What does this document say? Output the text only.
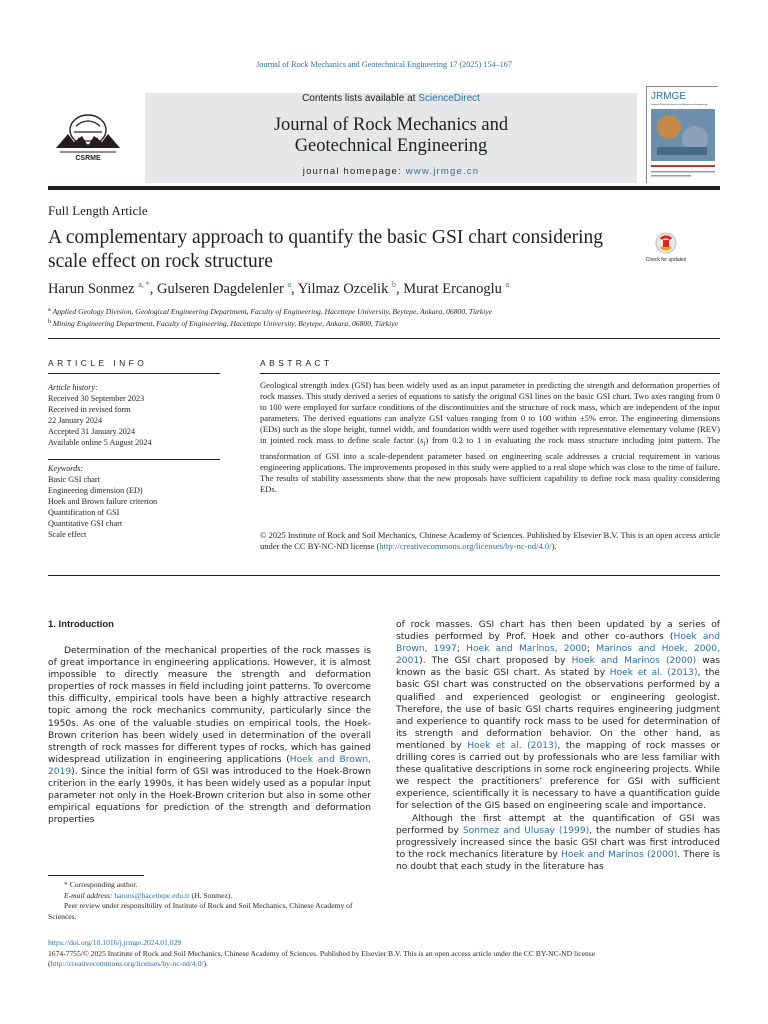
Journal of Rock Mechanics and Geotechnical Engineering 17 (2025) 154–167
CSRME
Contents lists available at ScienceDirect
Journal of Rock Mechanics and
Geotechnical Engineering
journal homepage: www.jrmge.cn
JRMGE
Journal of Rock Mechanics and Geotechnical Engineering
Full Length Article
A complementary approach to quantify the basic GSI chart considering scale effect on rock structure	Check for updates
Harun Sonmez $^{a, *}$, Gulseren Dagdelenler $^a$, Yilmaz Ozcelik $^b$, Murat Ercanoglu $^a$
$^a$ Applied Geology Division, Geological Engineering Department, Faculty of Engineering, Hacettepe University, Beytepe, Ankara, 06800, Türkiye
$^b$ Mining Engineering Department, Faculty of Engineering, Hacettepe University, Beytepe, Ankara, 06800, Türkiye
ARTICLE INFO	ABSTRACT
Article history:
Received 30 September 2023
Received in revised form
22 January 2024
Accepted 31 January 2024
Available online 5 August 2024
Keywords:
Basic GSI chart
Engineering dimension (ED)
Hoek and Brown failure criterion
Quantification of GSI
Quantitative GSI chart
Scale effect
Geological strength index (GSI) has been widely used as an input parameter in predicting the strength and deformation properties of rock masses. This study derived a series of equations to satisfy the original GSI lines on the basic GSI chart. Two axes ranging from 0 to 100 were employed for surface conditions of the discontinuities and the structure of rock mass, which are independent of the input parameters. The derived equations can analyze GSI values ranging from 0 to 100 within ±5% error. The engineering dimensions (EDs) such as the slope height, tunnel width, and foundation width were used together with representative elementary volume (REV) in jointed rock mass to define scale factor $(s_f)$ from 0.2 to 1 in evaluating the rock mass structure including joint pattern. The transformation of GSI into a scale-dependent parameter based on engineering scale addresses a crucial requirement in various engineering applications. The improvements proposed in this study were applied to a real slope which was close to the time of failure. The results of stability assessments show that the new proposals have sufficient capability to define rock mass quality considering EDs.
© 2025 Institute of Rock and Soil Mechanics, Chinese Academy of Sciences. Published by Elsevier B.V. This is an open access article under the CC BY-NC-ND license (http://creativecommons.org/licenses/by-nc-nd/4.0/).
1. Introduction
Determination of the mechanical properties of the rock masses is of great importance in engineering applications. However, it is almost impossible to directly measure the strength and deformation properties of rock masses in field including joint patterns. To overcome this difficulty, empirical tools have been a highly attractive research topic among the rock mechanics community, particularly since the 1950s. As one of the valuable studies on empirical tools, the Hoek-Brown criterion has been widely used in determination of the overall strength of rock masses for different types of rocks, which has gained widespread utilization in engineering applications (Hoek and Brown, 2019). Since the initial form of GSI was introduced to the Hoek-Brown criterion in the early 1990s, it has been widely used as a popular input parameter not only in the Hoek-Brown criterion but also in some other empirical equations for prediction of the strength and deformation properties
of rock masses. GSI chart has then been updated by a series of studies performed by Prof. Hoek and other co-authors (Hoek and Brown, 1997; Hoek and Marinos, 2000; Marinos and Hoek, 2000, 2001). The GSI chart proposed by Hoek and Marinos (2000) was known as the basic GSI chart. As stated by Hoek et al. (2013), the basic GSI chart was constructed on the observations performed by a qualified and experienced geologist or engineering geologist. Therefore, the use of basic GSI charts requires engineering judgment and experience to quantify rock mass to be used for determination of its strength and deformation behavior. On the other hand, as mentioned by Hoek et al. (2013), the mapping of rock masses or drilling cores is carried out by professionals who are less familiar with these qualitative descriptions in some rock engineering projects. While we respect the practitioners’ preference for GSI with sufficient experience, scientifically it is necessary to have a quantification guide for selection of the GIS based on engineering scale and importance.
Although the first attempt at the quantification of GSI was performed by Sonmez and Ulusay (1999), the number of studies has progressively increased since the basic GSI chart was first introduced to the rock mechanics literature by Hoek and Marinos (2000). There is no doubt that each study in the literature has
* Corresponding author.
E-mail address: haruns@hacettepe.edu.tr (H. Sonmez).
Peer review under responsibility of Institute of Rock and Soil Mechanics, Chinese Academy of Sciences.
https://doi.org/10.1016/j.jrmge.2024.01.029
1674-7755/© 2025 Institute of Rock and Soil Mechanics, Chinese Academy of Sciences. Published by Elsevier B.V. This is an open access article under the CC BY-NC-ND license (http://creativecommons.org/licenses/by-nc-nd/4.0/).
